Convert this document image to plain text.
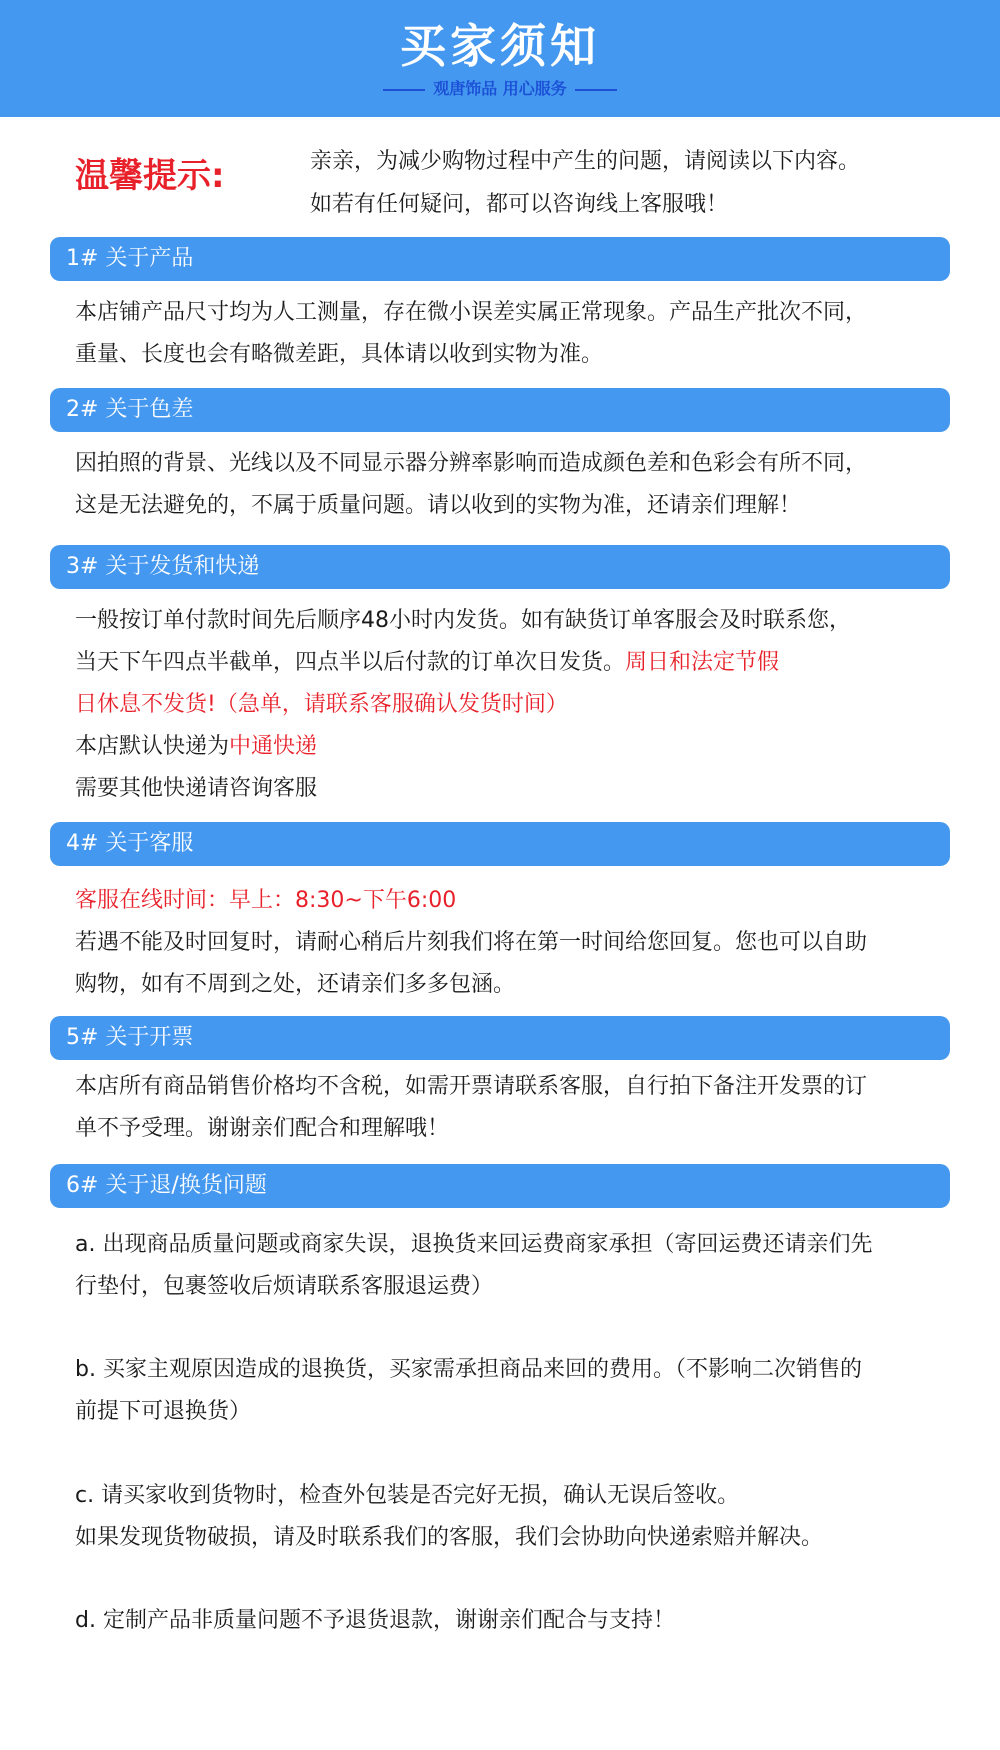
买家须知
观唐饰品 用心服务
温馨提示:	亲亲，为减少购物过程中产生的问题，请阅读以下内容。

如若有任何疑问，都可以咨询线上客服哦！

1# 关于产品

本店铺产品尺寸均为人工测量，存在微小误差实属正常现象。产品生产批次不同，

重量、长度也会有略微差距，具体请以收到实物为准。

2# 关于色差

因拍照的背景、光线以及不同显示器分辨率影响而造成颜色差和色彩会有所不同，

这是无法避免的，不属于质量问题。请以收到的实物为准，还请亲们理解！

3# 关于发货和快递

一般按订单付款时间先后顺序48小时内发货。如有缺货订单客服会及时联系您，

当天下午四点半截单，四点半以后付款的订单次日发货。周日和法定节假

日休息不发货!（急单，请联系客服确认发货时间）

本店默认快递为中通快递

需要其他快递请咨询客服

4# 关于客服

客服在线时间：早上：8:30~下午6:00

若遇不能及时回复时，请耐心稍后片刻我们将在第一时间给您回复。您也可以自助

购物，如有不周到之处，还请亲们多多包涵。

5# 关于开票

本店所有商品销售价格均不含税，如需开票请联系客服，自行拍下备注开发票的订

单不予受理。谢谢亲们配合和理解哦！

6# 关于退/换货问题

a. 出现商品质量问题或商家失误，退换货来回运费商家承担（寄回运费还请亲们先

行垫付，包裹签收后烦请联系客服退运费）

b. 买家主观原因造成的退换货，买家需承担商品来回的费用。（不影响二次销售的

前提下可退换货）

c. 请买家收到货物时，检查外包装是否完好无损，确认无误后签收。

如果发现货物破损，请及时联系我们的客服，我们会协助向快递索赔并解决。

d. 定制产品非质量问题不予退货退款，谢谢亲们配合与支持！
